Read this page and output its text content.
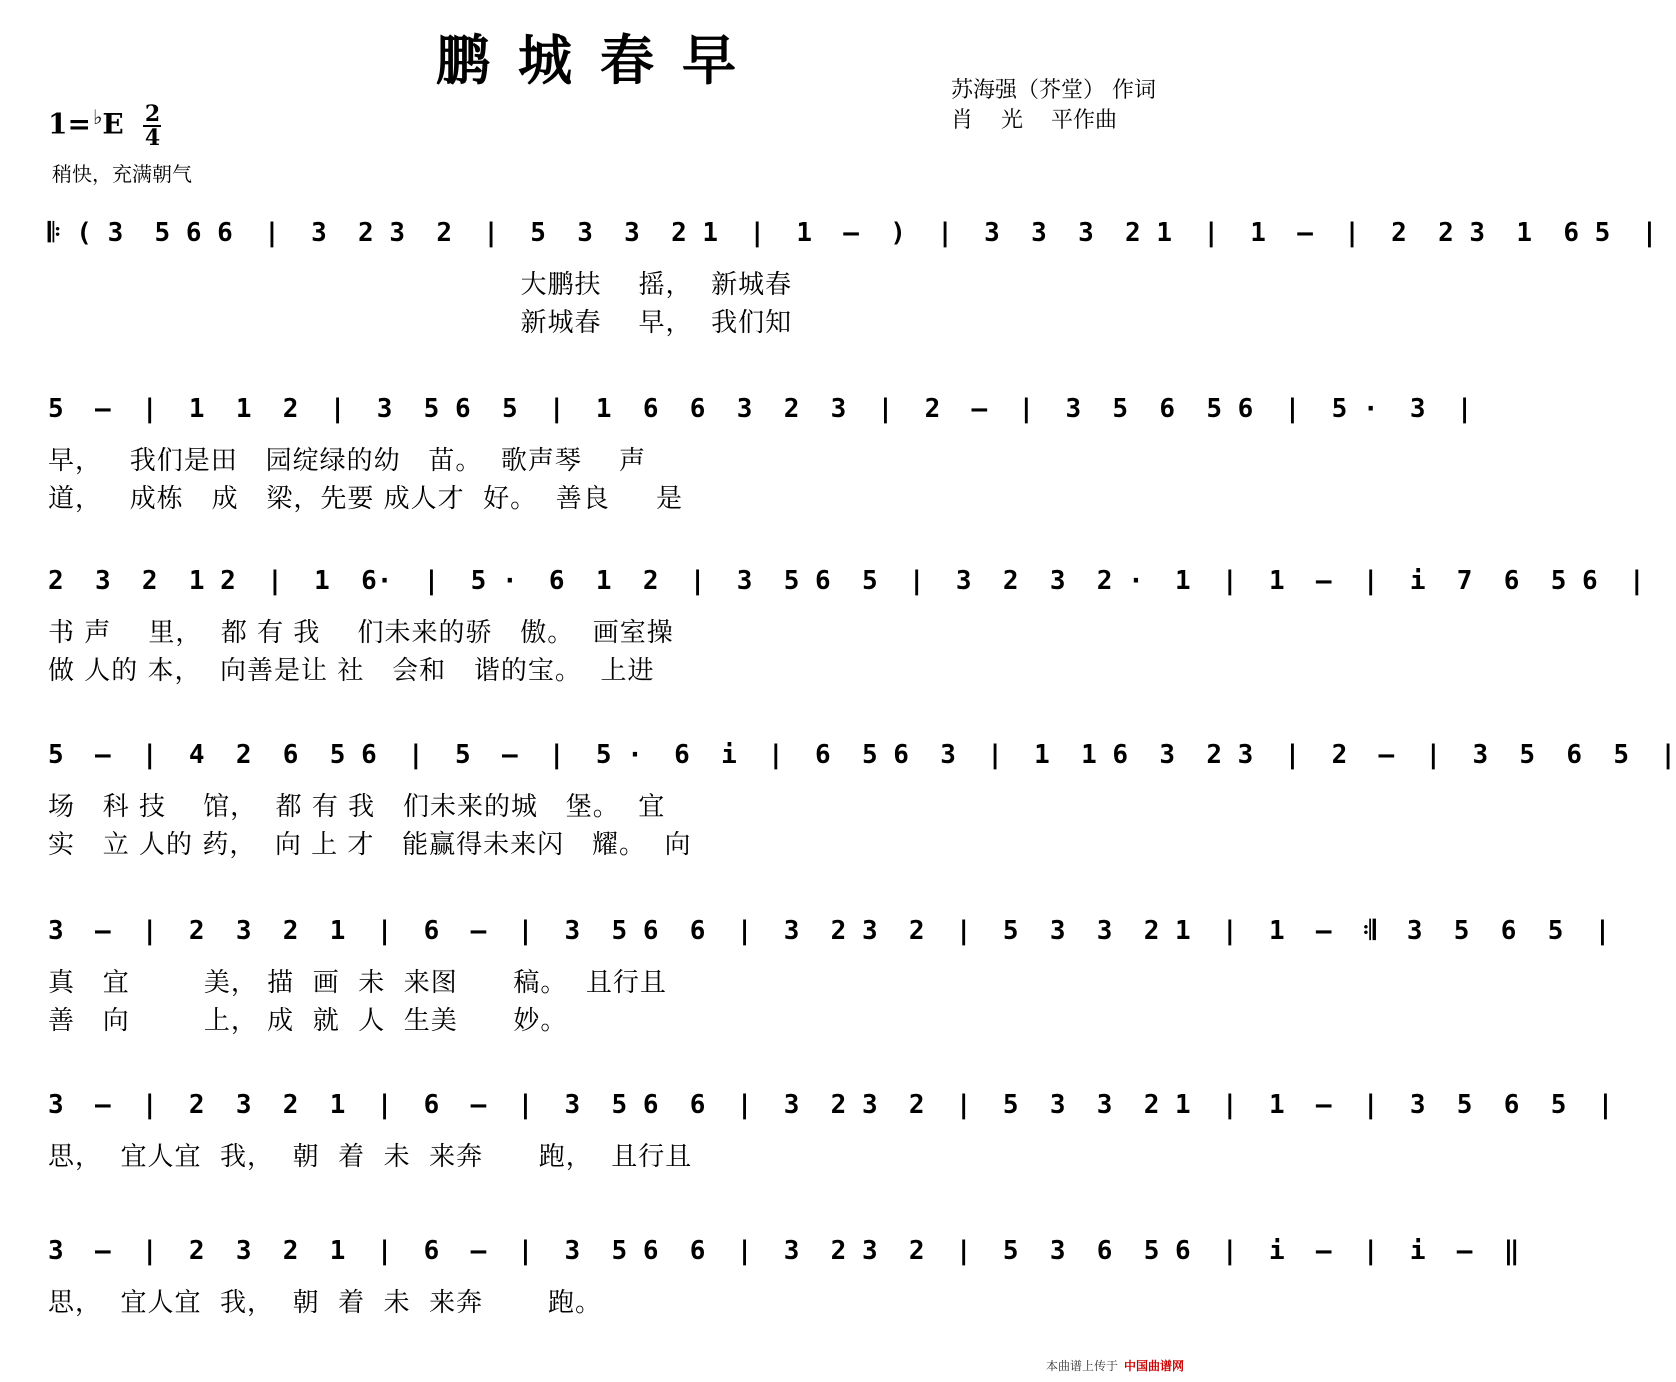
鹏城春早	苏海强（芥堂） 作词
肖    光    平作曲
$1= ^♭E \frac{2}{4}$
稍快，充满朝气
𝄆 ( 3  5 6 6  |  3  2 3  2  |  5  3  3  2 1  |  1  –  )  |  3  3  3  2 1  |  1  –  |  2  2 3  1  6 5  |
大鹏扶    摇，  新城春
新城春    早，  我们知
5  –  |  1  1  2  |  3  5 6  5  |  1  6  6  3  2  3  |  2  –  |  3  5  6  5 6  |  5 ·  3  |
早，   我们是田   园绽绿的幼   苗。  歌声琴    声
道，   成栋   成   梁，先要 成人才  好。  善良     是
2  3  2  1 2  |  1  6·  |  5 ·  6  1  2  |  3  5 6  5  |  3  2  3  2 ·  1  |  1  –  |  i  7  6  5 6  |
书 声    里，  都 有 我    们未来的骄   傲。  画室操
做 人的 本，  向善是让 社   会和   谐的宝。  上进
5  –  |  4  2  6  5 6  |  5  –  |  5 ·  6  i  |  6  5 6  3  |  1  1 6  3  2 3  |  2  –  |  3  5  6  5  |
场   科 技    馆，  都 有 我   们未来的城   堡。  宜
实   立 人的 药，  向 上 才   能赢得未来闪   耀。  向
3  –  |  2  3  2  1  |  6  –  |  3  5 6  6  |  3  2 3  2  |  5  3  3  2 1  |  1  –  𝄇  3  5  6  5  |
真   宜        美， 描  画  未  来图      稿。  且行且
善   向        上， 成  就  人  生美      妙。
3  –  |  2  3  2  1  |  6  –  |  3  5 6  6  |  3  2 3  2  |  5  3  3  2 1  |  1  –  |  3  5  6  5  |
思，  宜人宜  我，  朝  着  未  来奔      跑，  且行且
3  –  |  2  3  2  1  |  6  –  |  3  5 6  6  |  3  2 3  2  |  5  3  6  5 6  |  i  –  |  i  –  ‖
思，  宜人宜  我，  朝  着  未  来奔       跑。
本曲谱上传于 中国曲谱网
